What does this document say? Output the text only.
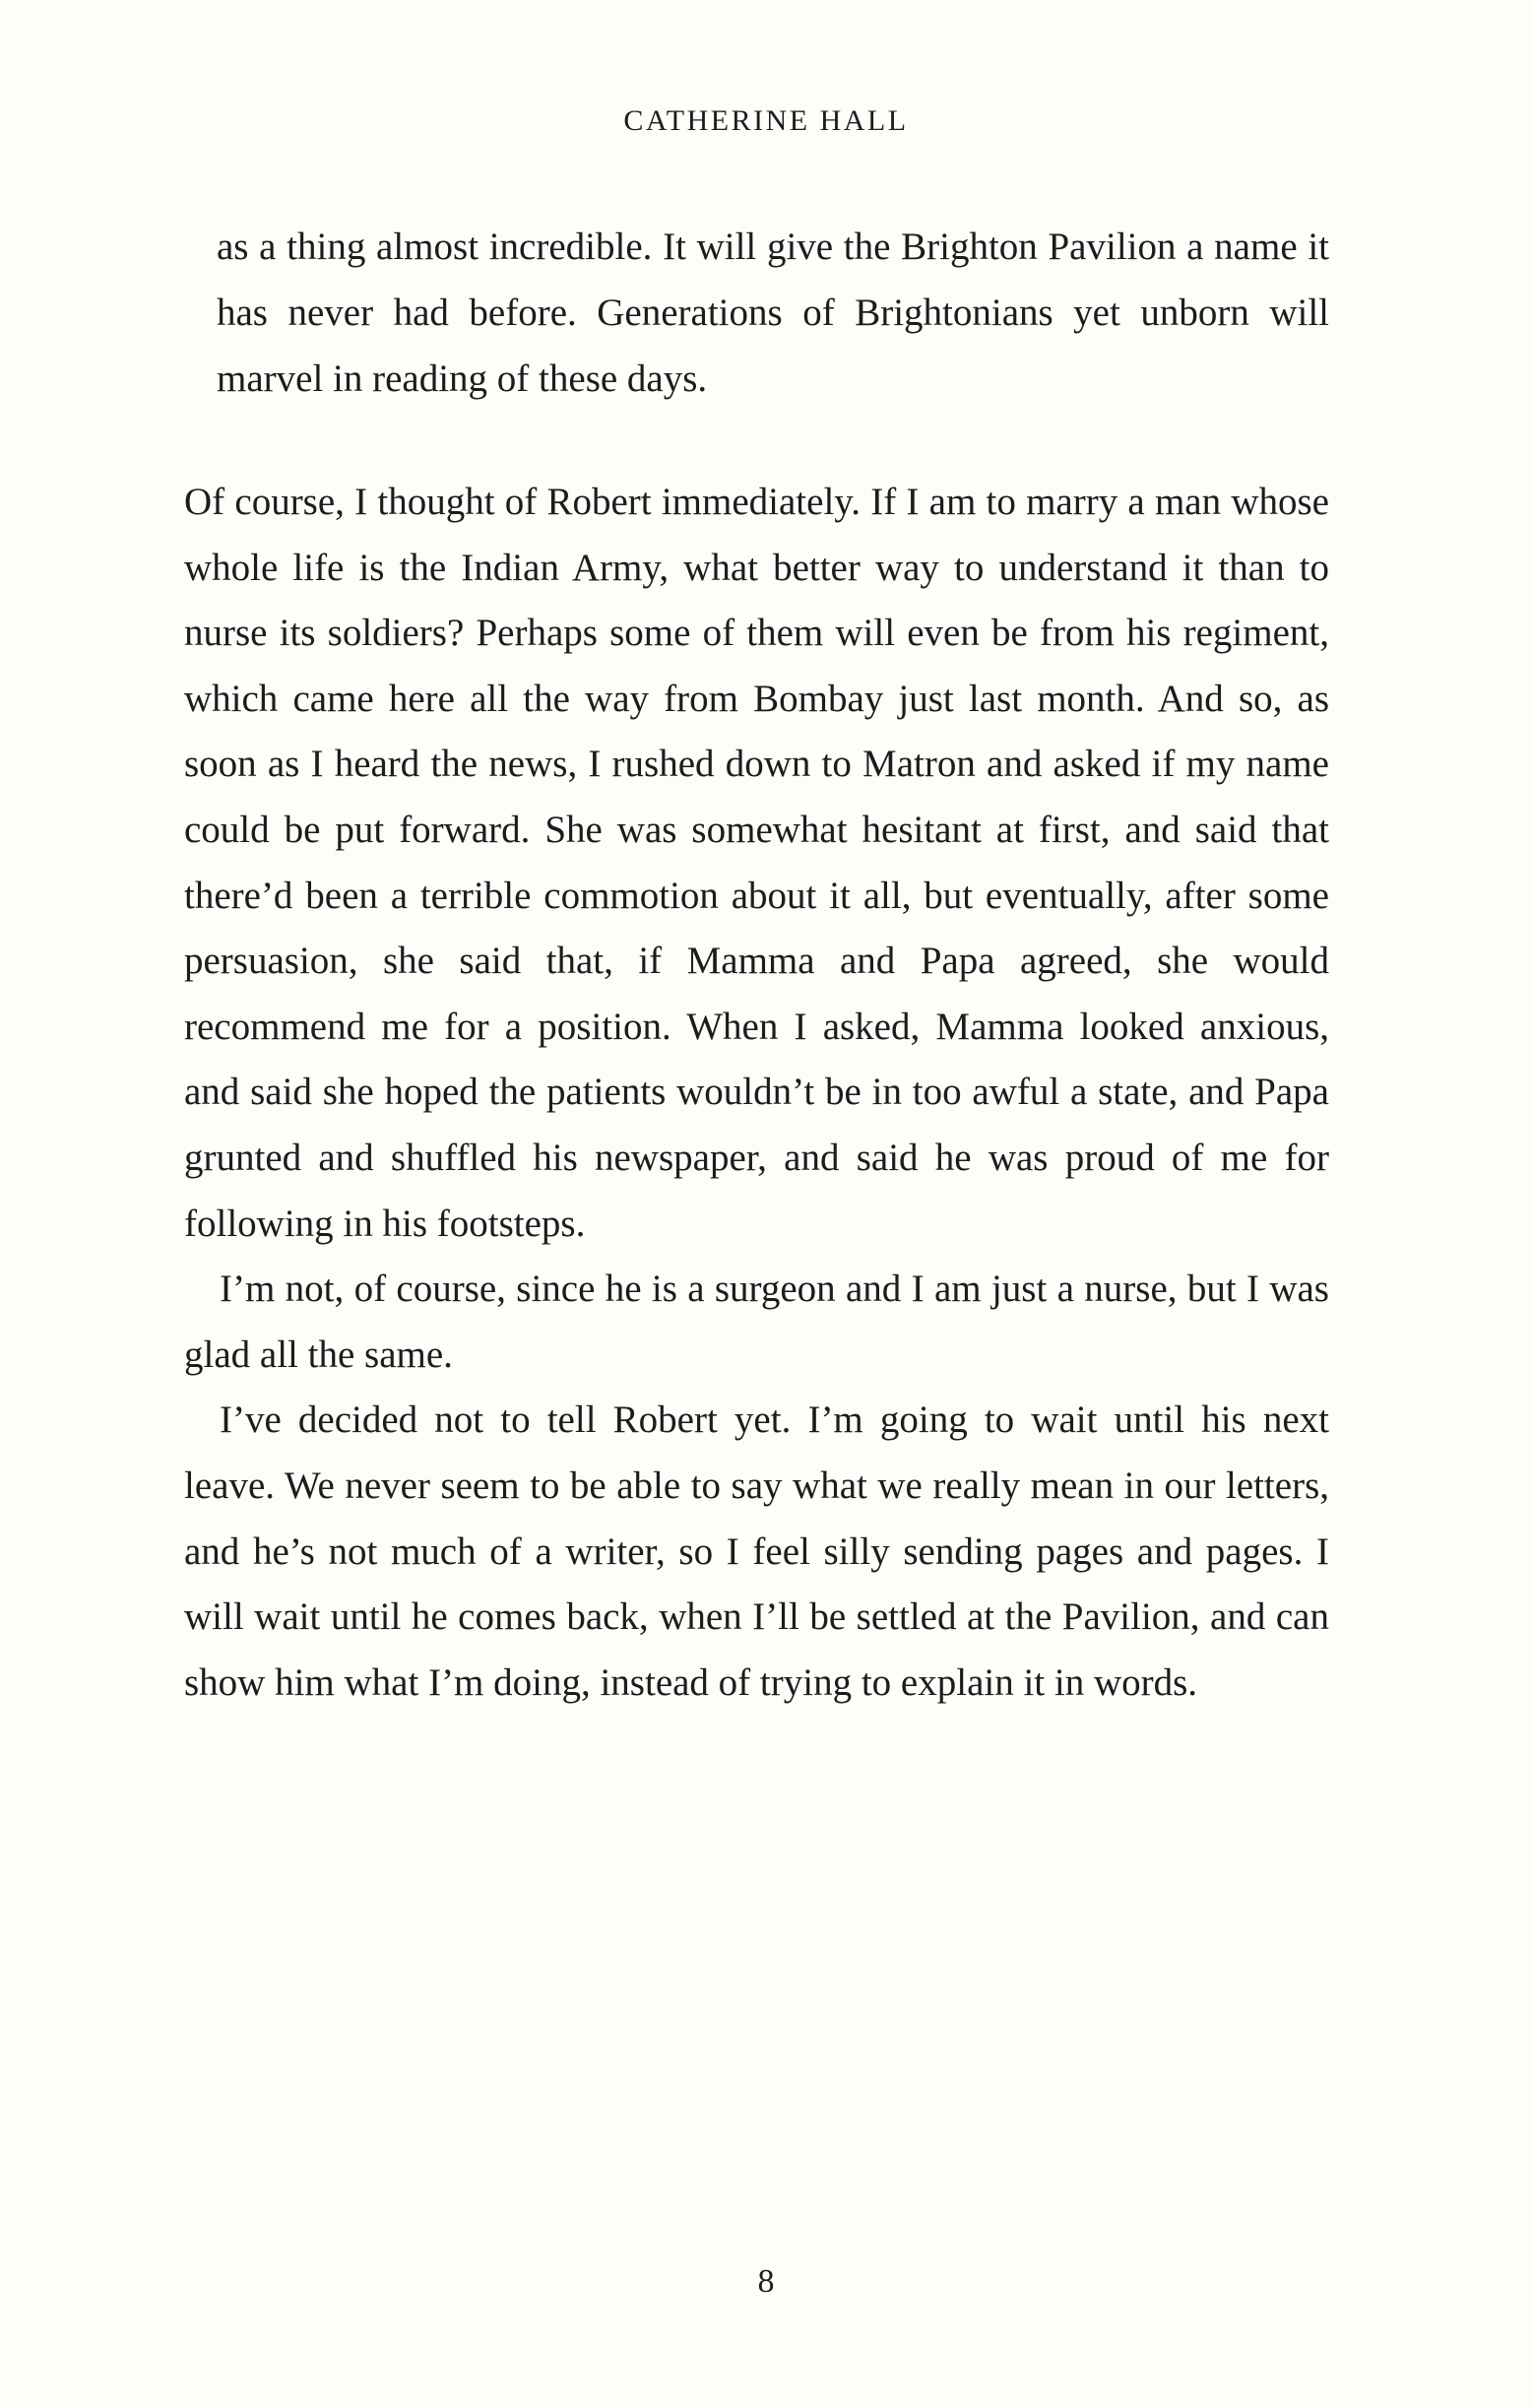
CATHERINE HALL

as a thing almost incredible. It will give the Brighton Pavilion a name it has never had before. Generations of Brightonians yet unborn will marvel in reading of these days.

Of course, I thought of Robert immediately. If I am to marry a man whose whole life is the Indian Army, what better way to understand it than to nurse its soldiers? Perhaps some of them will even be from his regiment, which came here all the way from Bombay just last month. And so, as soon as I heard the news, I rushed down to Matron and asked if my name could be put forward. She was somewhat hesitant at first, and said that there’d been a terrible commotion about it all, but eventually, after some persuasion, she said that, if Mamma and Papa agreed, she would recommend me for a position. When I asked, Mamma looked anxious, and said she hoped the patients wouldn’t be in too awful a state, and Papa grunted and shuffled his newspaper, and said he was proud of me for following in his footsteps.

I’m not, of course, since he is a surgeon and I am just a nurse, but I was glad all the same.

I’ve decided not to tell Robert yet. I’m going to wait until his next leave. We never seem to be able to say what we really mean in our letters, and he’s not much of a writer, so I feel silly sending pages and pages. I will wait until he comes back, when I’ll be settled at the Pavilion, and can show him what I’m doing, instead of trying to explain it in words.

8
